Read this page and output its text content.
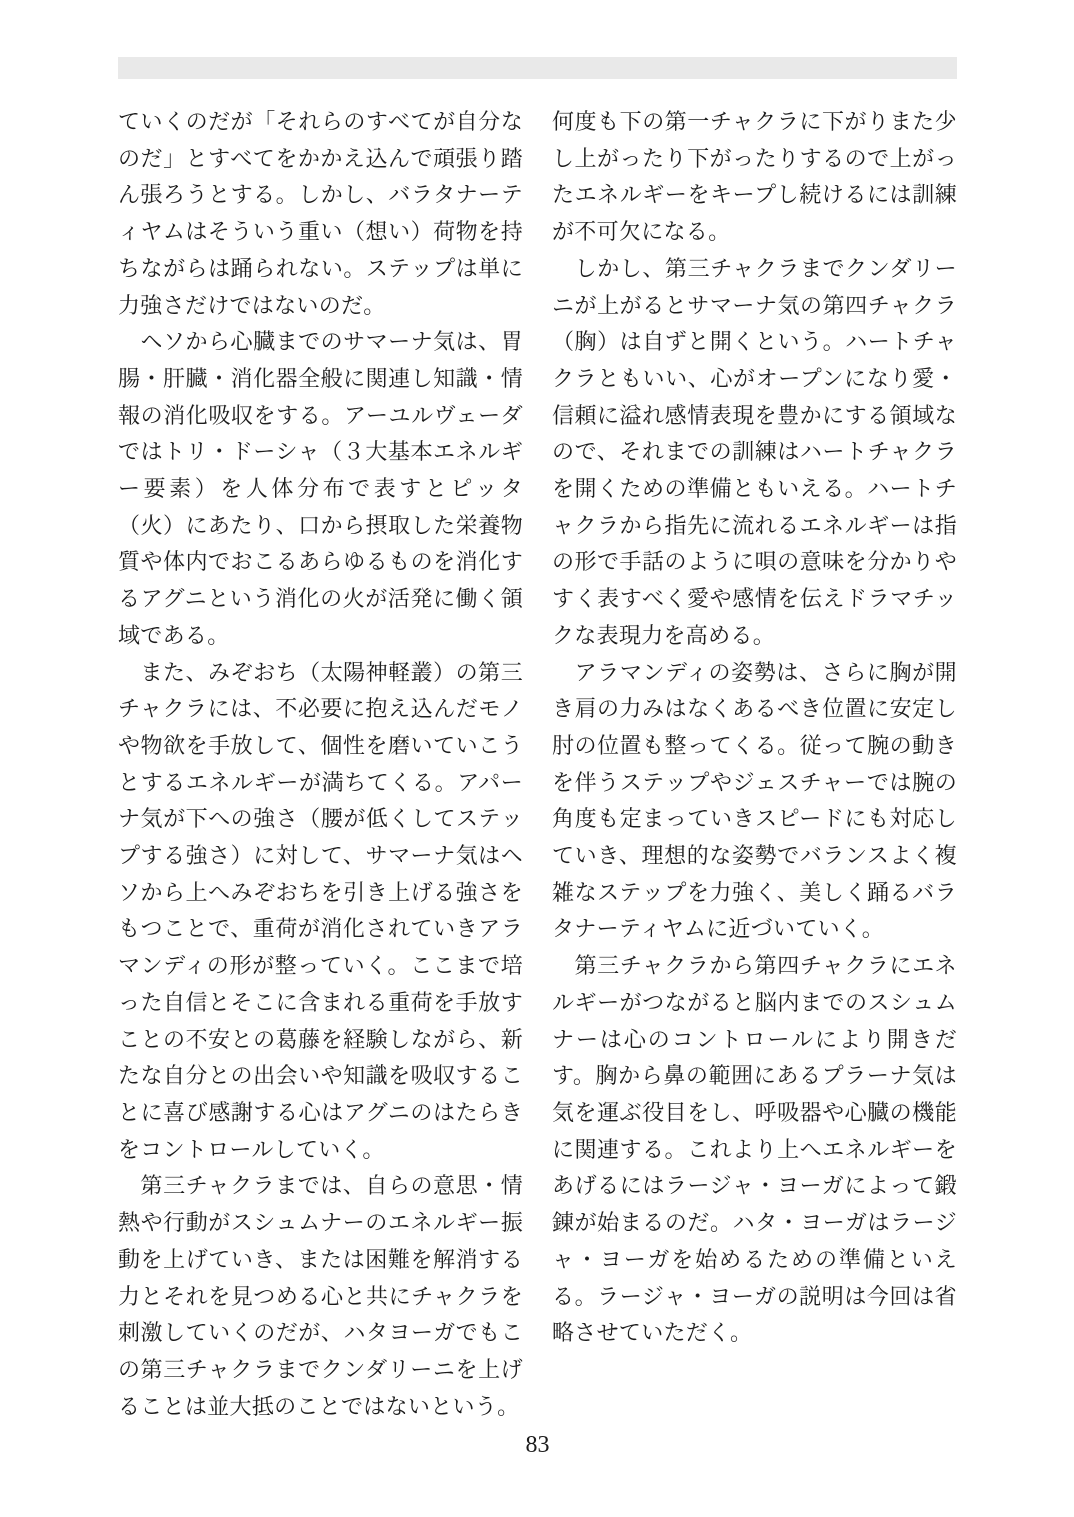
ていくのだが「それらのすべてが自分なのだ」とすべてをかかえ込んで頑張り踏ん張ろうとする。しかし、バラタナーティヤムはそういう重い（想い）荷物を持ちながらは踊られない。ステップは単に力強さだけではないのだ。

　ヘソから心臓までのサマーナ気は、胃腸・肝臓・消化器全般に関連し知識・情報の消化吸収をする。アーユルヴェーダではトリ・ドーシャ（３大基本エネルギー要素）を人体分布で表すとピッタ（火）にあたり、口から摂取した栄養物質や体内でおこるあらゆるものを消化するアグニという消化の火が活発に働く領域である。

　また、みぞおち（太陽神軽叢）の第三チャクラには、不必要に抱え込んだモノや物欲を手放して、個性を磨いていこうとするエネルギーが満ちてくる。アパーナ気が下への強さ（腰が低くしてステップする強さ）に対して、サマーナ気はヘソから上へみぞおちを引き上げる強さをもつことで、重荷が消化されていきアラマンディの形が整っていく。ここまで培った自信とそこに含まれる重荷を手放すことの不安との葛藤を経験しながら、新たな自分との出会いや知識を吸収することに喜び感謝する心はアグニのはたらきをコントロールしていく。

　第三チャクラまでは、自らの意思・情熱や行動がスシュムナーのエネルギー振動を上げていき、または困難を解消する力とそれを見つめる心と共にチャクラを刺激していくのだが、ハタヨーガでもこの第三チャクラまでクンダリーニを上げることは並大抵のことではないという。

何度も下の第一チャクラに下がりまた少し上がったり下がったりするので上がったエネルギーをキープし続けるには訓練が不可欠になる。

　しかし、第三チャクラまでクンダリーニが上がるとサマーナ気の第四チャクラ（胸）は自ずと開くという。ハートチャクラともいい、心がオープンになり愛・信頼に溢れ感情表現を豊かにする領域なので、それまでの訓練はハートチャクラを開くための準備ともいえる。ハートチャクラから指先に流れるエネルギーは指の形で手話のように唄の意味を分かりやすく表すべく愛や感情を伝えドラマチックな表現力を高める。

　アラマンディの姿勢は、さらに胸が開き肩の力みはなくあるべき位置に安定し肘の位置も整ってくる。従って腕の動きを伴うステップやジェスチャーでは腕の角度も定まっていきスピードにも対応していき、理想的な姿勢でバランスよく複雑なステップを力強く、美しく踊るバラタナーティヤムに近づいていく。

　第三チャクラから第四チャクラにエネルギーがつながると脳内までのスシュムナーは心のコントロールにより開きだす。胸から鼻の範囲にあるプラーナ気は気を運ぶ役目をし、呼吸器や心臓の機能に関連する。これより上へエネルギーをあげるにはラージャ・ヨーガによって鍛錬が始まるのだ。ハタ・ヨーガはラージャ・ヨーガを始めるための準備といえる。ラージャ・ヨーガの説明は今回は省略させていただく。

83
